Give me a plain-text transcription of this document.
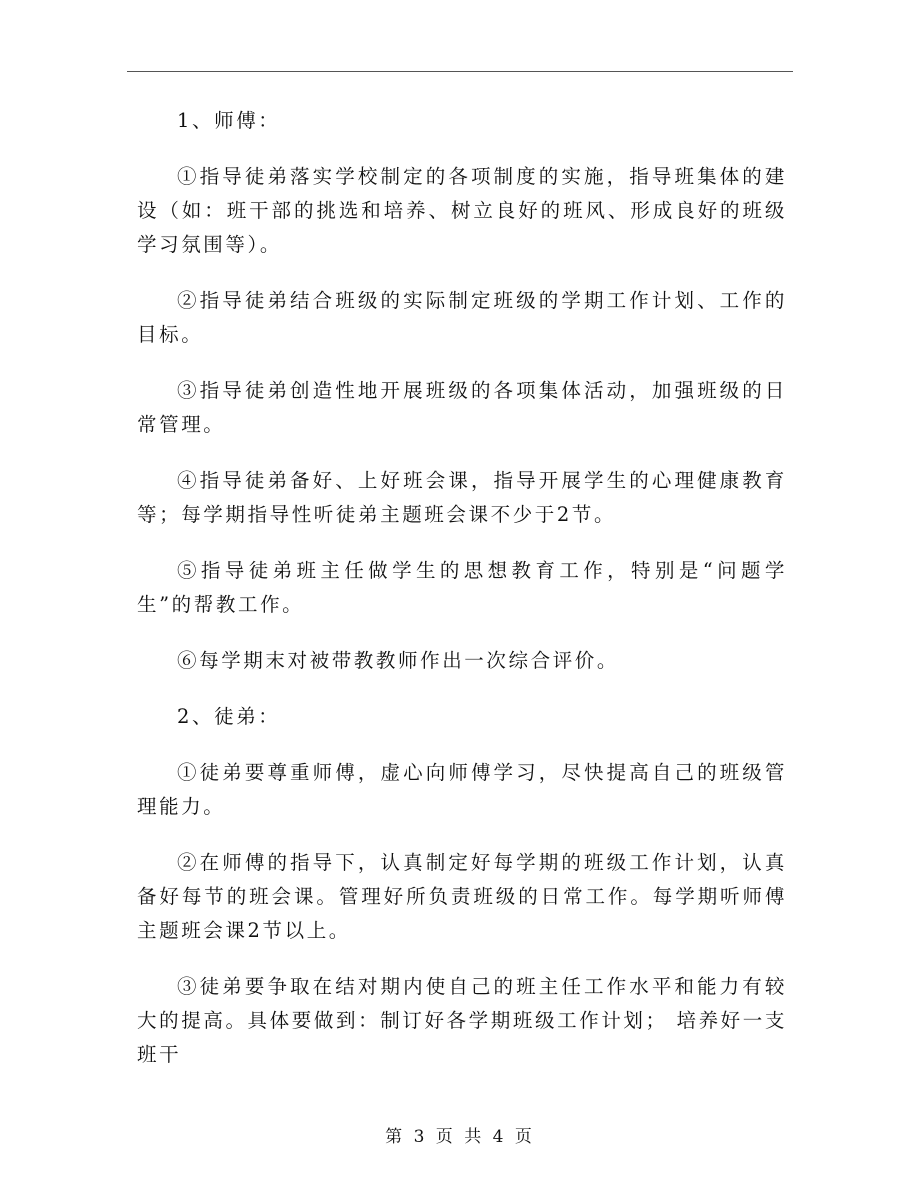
1、师傅：

①指导徒弟落实学校制定的各项制度的实施，指导班集体的建设（如：班干部的挑选和培养、树立良好的班风、形成良好的班级学习氛围等）。

②指导徒弟结合班级的实际制定班级的学期工作计划、工作的目标。

③指导徒弟创造性地开展班级的各项集体活动，加强班级的日常管理。

④指导徒弟备好、上好班会课，指导开展学生的心理健康教育等；每学期指导性听徒弟主题班会课不少于2节。

⑤指导徒弟班主任做学生的思想教育工作，特别是“问题学生”的帮教工作。

⑥每学期末对被带教教师作出一次综合评价。

2、徒弟：

①徒弟要尊重师傅，虚心向师傅学习，尽快提高自己的班级管理能力。

②在师傅的指导下，认真制定好每学期的班级工作计划，认真备好每节的班会课。管理好所负责班级的日常工作。每学期听师傅主题班会课2节以上。

③徒弟要争取在结对期内使自己的班主任工作水平和能力有较大的提高。具体要做到：制订好各学期班级工作计划； 培养好一支班干

第 3 页 共 4 页
